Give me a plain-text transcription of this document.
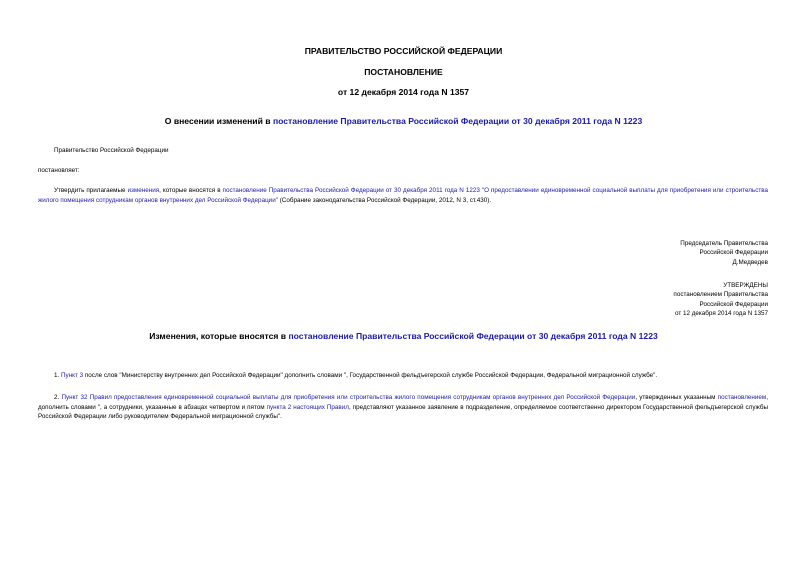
ПРАВИТЕЛЬСТВО РОССИЙСКОЙ ФЕДЕРАЦИИ
ПОСТАНОВЛЕНИЕ
от 12 декабря 2014 года N 1357
О внесении изменений в постановление Правительства Российской Федерации от 30 декабря 2011 года N 1223
Правительство Российской Федерации
постановляет:
Утвердить прилагаемые изменения, которые вносятся в постановление Правительства Российской Федерации от 30 декабря 2011 года N 1223 "О предоставлении единовременной социальной выплаты для приобретения или строительства жилого помещения сотрудникам органов внутренних дел Российской Федерации" (Собрание законодательства Российской Федерации, 2012, N 3, ст.430).
Председатель Правительства
Российской Федерации
Д.Медведев
УТВЕРЖДЕНЫ
постановлением Правительства
Российской Федерации
от 12 декабря 2014 года N 1357
Изменения, которые вносятся в постановление Правительства Российской Федерации от 30 декабря 2011 года N 1223
1. Пункт 3 после слов "Министерству внутренних дел Российской Федерации" дополнить словами ", Государственной фельдъегерской службе Российской Федерации, Федеральной миграционной службе".
2. Пункт 32 Правил предоставления единовременной социальной выплаты для приобретения или строительства жилого помещения сотрудникам органов внутренних дел Российской Федерации, утвержденных указанным постановлением, дополнить словами ", а сотрудники, указанные в абзацах четвертом и пятом пункта 2 настоящих Правил, представляют указанное заявление в подразделение, определяемое соответственно директором Государственной фельдъегерской службы Российской Федерации либо руководителем Федеральной миграционной службы".
